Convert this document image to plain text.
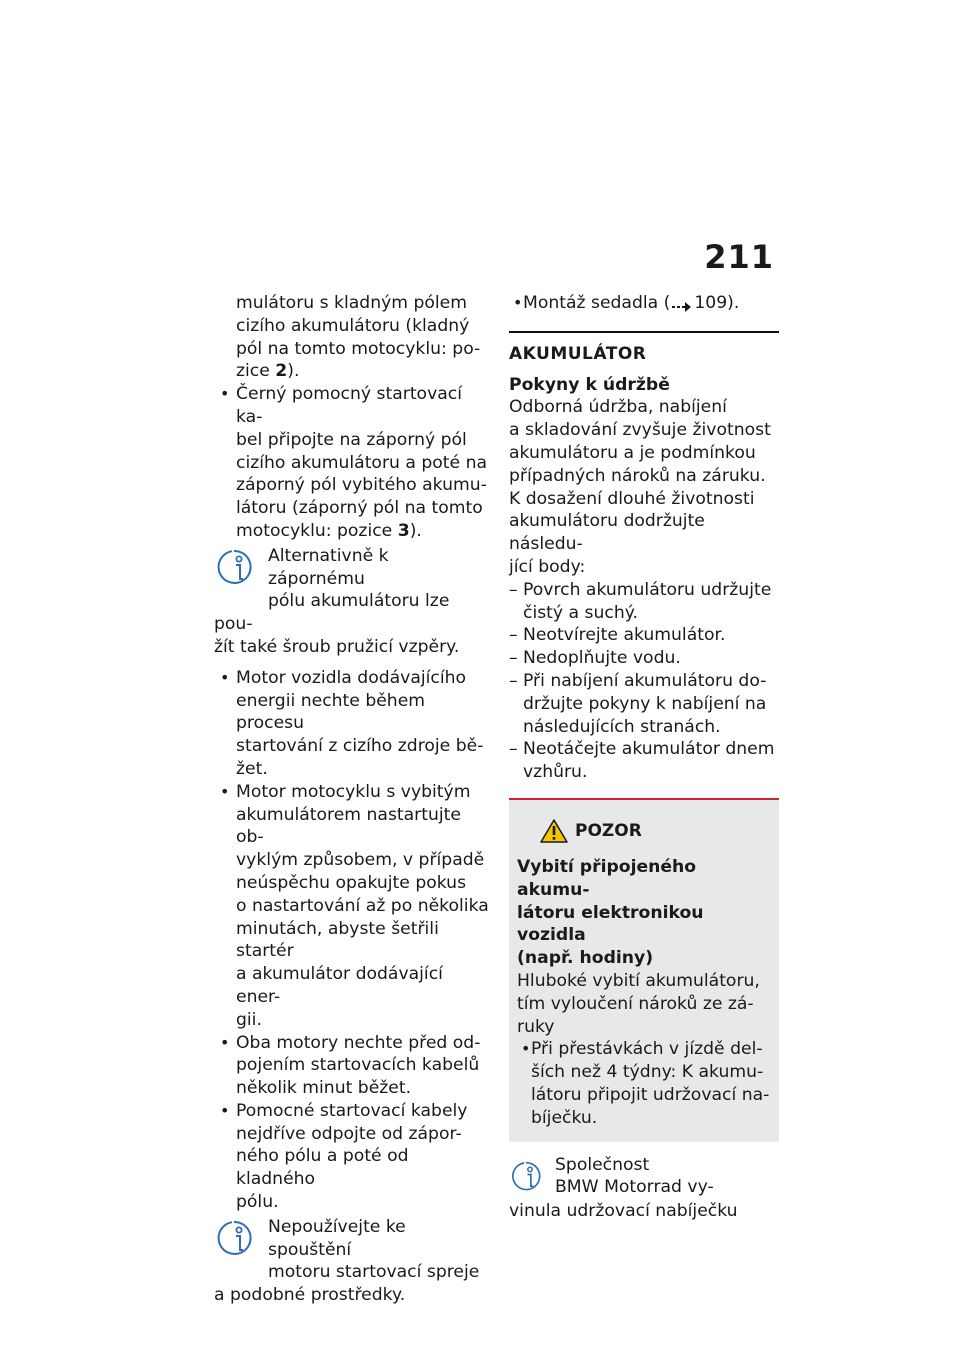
211
mulátoru s kladným pólem
cizího akumulátoru (kladný
pól na tomto motocyklu: po-
zice 2).
• Černý pomocný startovací ka-
bel připojte na záporný pól
cizího akumulátoru a poté na
záporný pól vybitého akumu-
látoru (záporný pól na tomto
motocyklu: pozice 3).
Alternativně k zápornému
pólu akumulátoru lze pou-
žít také šroub pružicí vzpěry.
• Motor vozidla dodávajícího
energii nechte během procesu
startování z cizího zdroje bě-
žet.
• Motor motocyklu s vybitým
akumulátorem nastartujte ob-
vyklým způsobem, v případě
neúspěchu opakujte pokus
o nastartování až po několika
minutách, abyste šetřili startér
a akumulátor dodávající ener-
gii.
• Oba motory nechte před od-
pojením startovacích kabelů
několik minut běžet.
• Pomocné startovací kabely
nejdříve odpojte od zápor-
ného pólu a poté od kladného
pólu.
Nepoužívejte ke spouštění
motoru startovací spreje
a podobné prostředky.
• Montáž sedadla ( 109).
AKUMULÁTOR
Pokyny k údržbě
Odborná údržba, nabíjení
a skladování zvyšuje životnost
akumulátoru a je podmínkou
případných nároků na záruku.
K dosažení dlouhé životnosti
akumulátoru dodržujte následu-
jící body:
– Povrch akumulátoru udržujte
čistý a suchý.
– Neotvírejte akumulátor.
– Nedoplňujte vodu.
– Při nabíjení akumulátoru do-
držujte pokyny k nabíjení na
následujících stranách.
– Neotáčejte akumulátor dnem
vzhůru.
POZOR
Vybití připojeného akumu-
látoru elektronikou vozidla
(např. hodiny)
Hluboké vybití akumulátoru,
tím vyloučení nároků ze zá-
ruky
• Při přestávkách v jízdě del-
ších než 4 týdny: K akumu-
látoru připojit udržovací na-
bíječku.
Společnost
BMW Motorrad vy-
vinula udržovací nabíječku
